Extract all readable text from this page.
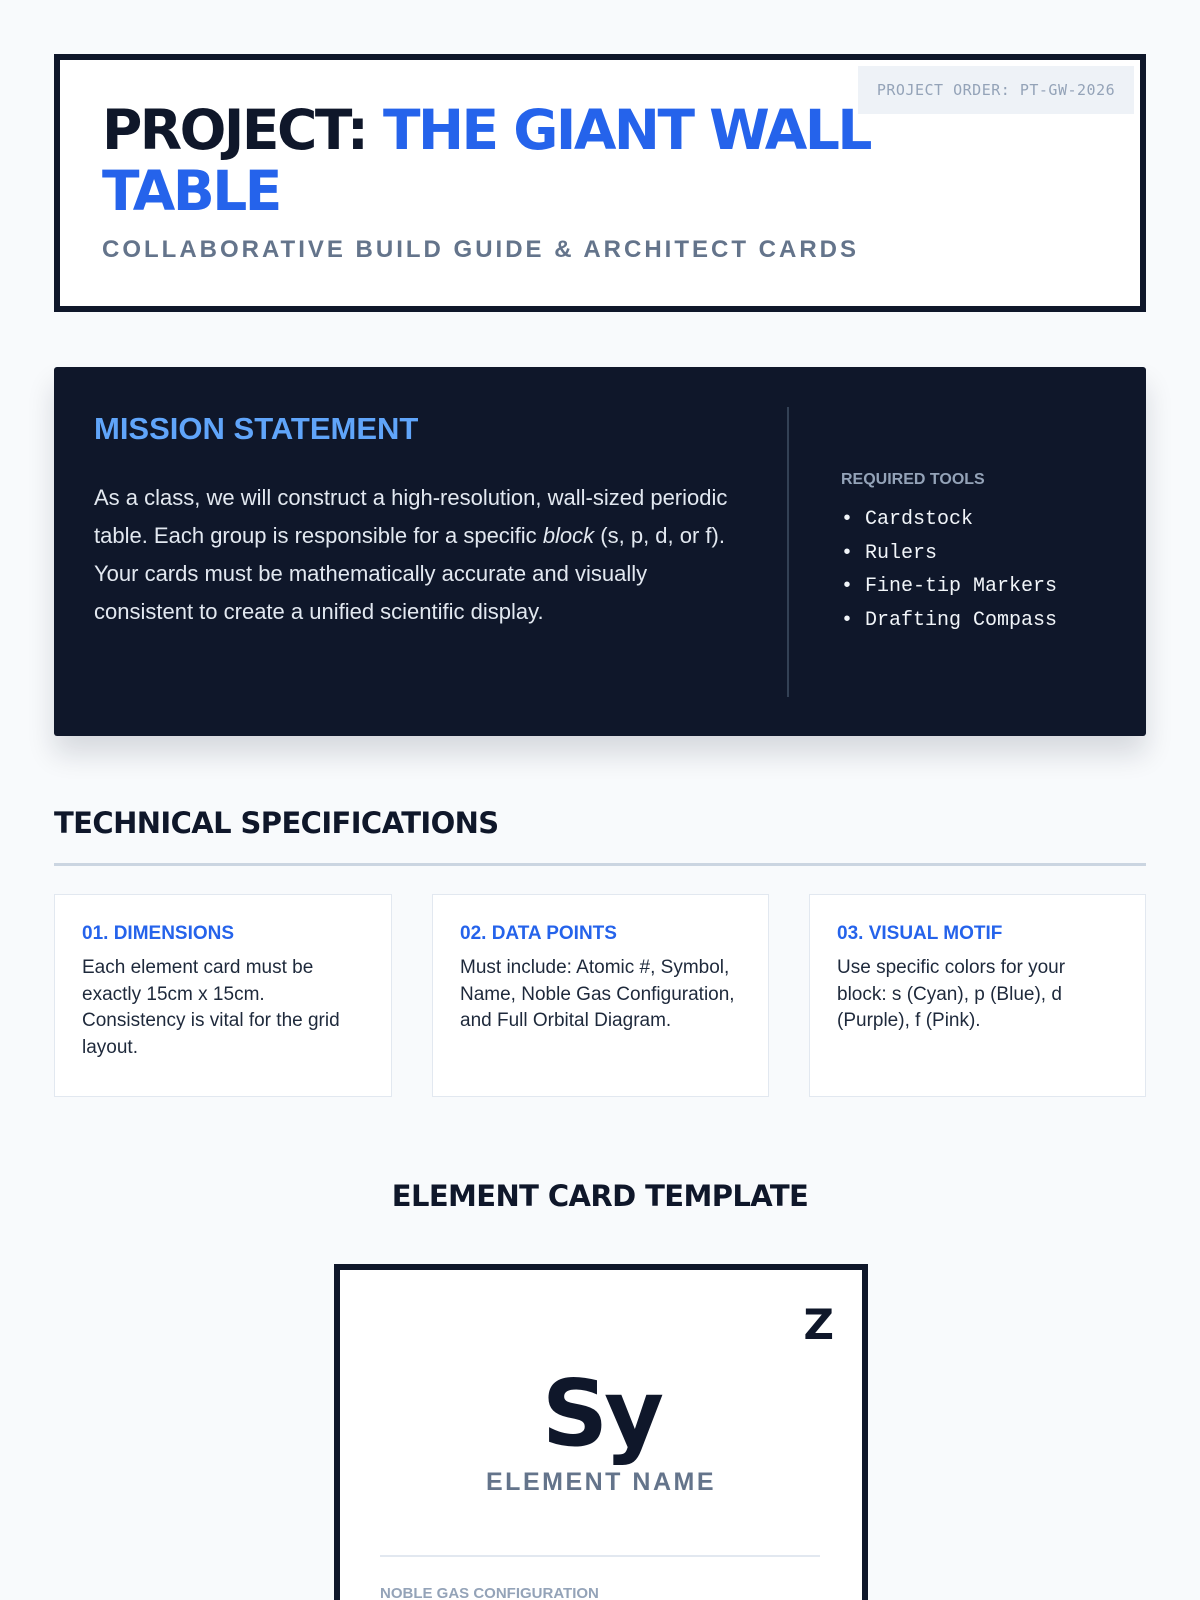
PROJECT ORDER: PT-GW-2026
PROJECT: THE GIANT WALL TABLE
COLLABORATIVE BUILD GUIDE & ARCHITECT CARDS
MISSION STATEMENT

As a class, we will construct a high-resolution, wall-sized periodic table. Each group is responsible for a specific block (s, p, d, or f). Your cards must be mathematically accurate and visually consistent to create a unified scientific display.

REQUIRED TOOLS
• Cardstock
• Rulers
• Fine-tip Markers
• Drafting Compass
TECHNICAL SPECIFICATIONS
01. DIMENSIONS

Each element card must be exactly 15cm x 15cm. Consistency is vital for the grid layout.

02. DATA POINTS

Must include: Atomic #, Symbol, Name, Noble Gas Configuration, and Full Orbital Diagram.

03. VISUAL MOTIF

Use specific colors for your block: s (Cyan), p (Blue), d (Purple), f (Pink).

ELEMENT CARD TEMPLATE
Z
Sy
ELEMENT NAME
NOBLE GAS CONFIGURATION
